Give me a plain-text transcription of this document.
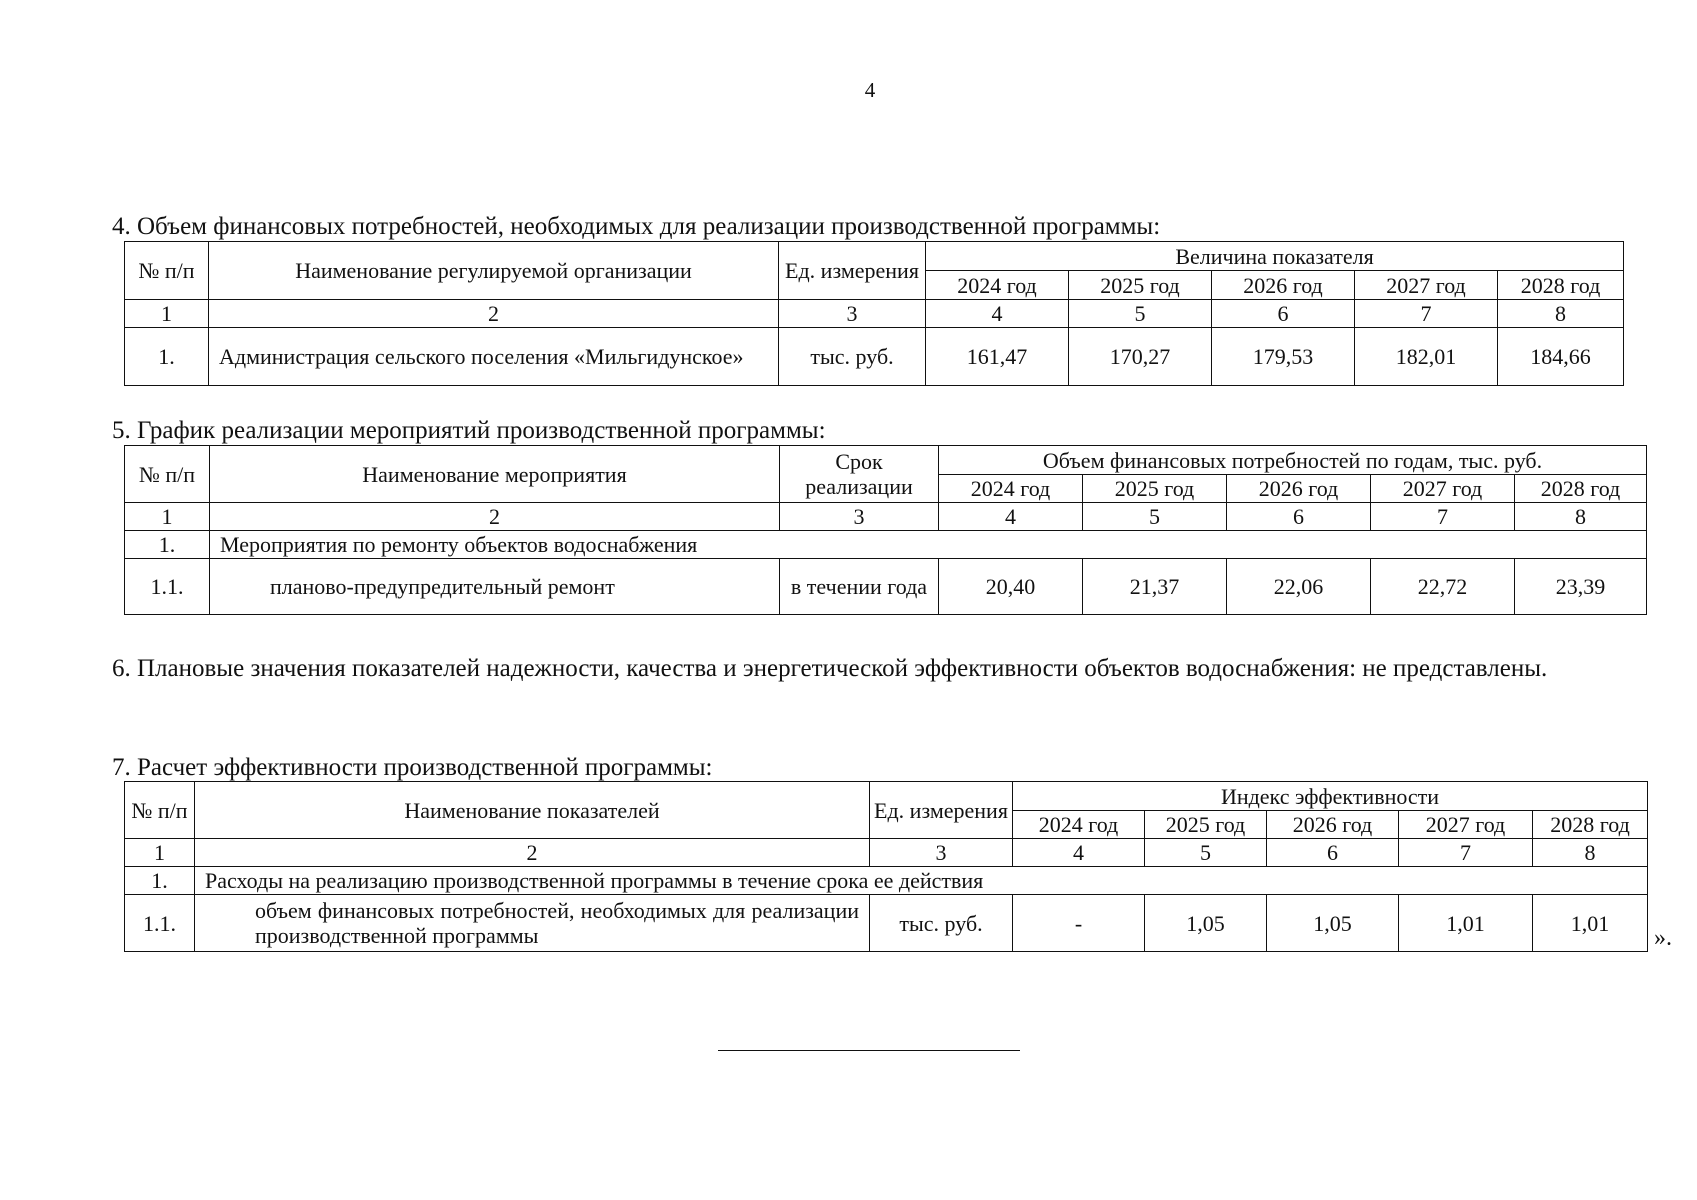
4
4. Объем финансовых потребностей, необходимых для реализации производственной программы:
№ п/п	Наименование регулируемой организации	Ед. измерения	Величина показателя				
			2024 год	2025 год	2026 год	2027 год	2028 год
1	2	3	4	5	6	7	8
1.	Администрация сельского поселения «Мильгидунское»	тыс. руб.	161,47	170,27	179,53	182,01	184,66
5. График реализации мероприятий производственной программы:
№ п/п	Наименование мероприятия	Срок реализации	Объем финансовых потребностей по годам, тыс. руб.				
			2024 год	2025 год	2026 год	2027 год	2028 год
1	2	3	4	5	6	7	8
1.	Мероприятия по ремонту объектов водоснабжения						
1.1.	планово-предупредительный ремонт	в течении года	20,40	21,37	22,06	22,72	23,39
6. Плановые значения показателей надежности, качества и энергетической эффективности объектов водоснабжения: не представлены.
7. Расчет эффективности производственной программы:
№ п/п	Наименование показателей	Ед. измерения	Индекс эффективности				
			2024 год	2025 год	2026 год	2027 год	2028 год
1	2	3	4	5	6	7	8
1.	Расходы на реализацию производственной программы в течение срока ее действия						
1.1.	объем финансовых потребностей, необходимых для реализации производственной программы	тыс. руб.	-	1,05	1,05	1,01	1,01
».
